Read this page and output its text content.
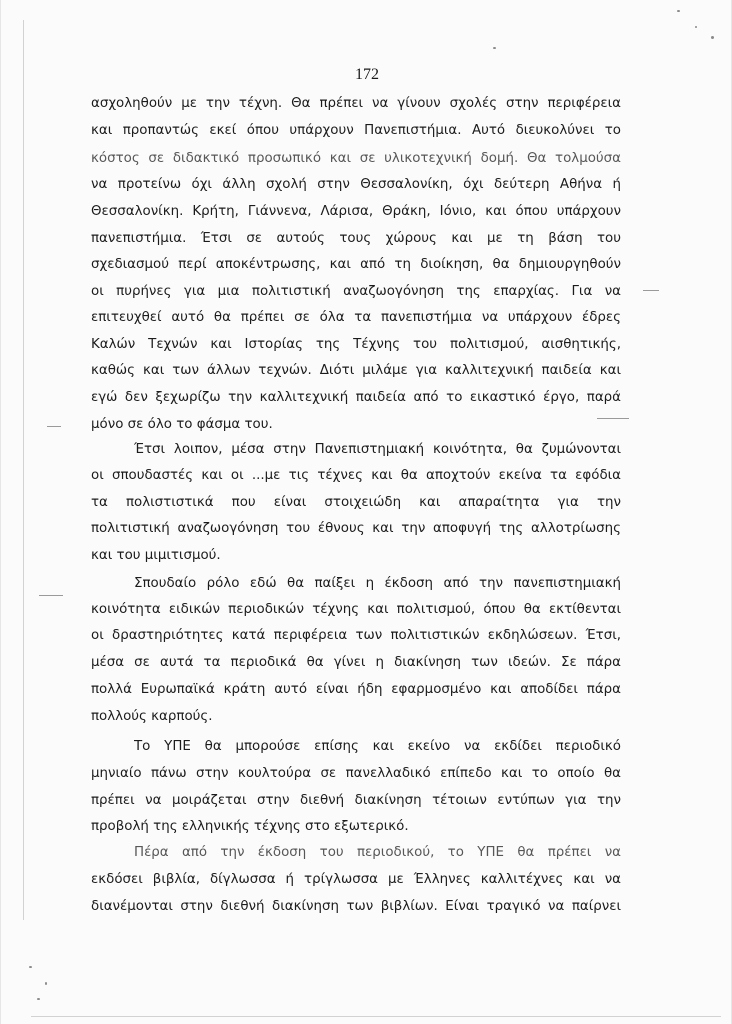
172
ασχοληθούν με την τέχνη. Θα πρέπει να γίνουν σχολές στην περιφέρεια
και προπαντώς εκεί όπου υπάρχουν Πανεπιστήμια. Αυτό διευκολύνει το
κόστος σε διδακτικό προσωπικό και σε υλικοτεχνική δομή. Θα τολμούσα
να προτείνω όχι άλλη σχολή στην Θεσσαλονίκη, όχι δεύτερη Αθήνα ή
Θεσσαλονίκη. Κρήτη, Γιάννενα, Λάρισα, Θράκη, Ιόνιο, και όπου υπάρχουν
πανεπιστήμια. Έτσι σε αυτούς τους χώρους και με τη βάση του
σχεδιασμού περί αποκέντρωσης, και από τη διοίκηση, θα δημιουργηθούν
οι πυρήνες για μια πολιτιστική αναζωογόνηση της επαρχίας. Για να
επιτευχθεί αυτό θα πρέπει σε όλα τα πανεπιστήμια να υπάρχουν έδρες
Καλών Τεχνών και Ιστορίας της Τέχνης του πολιτισμού, αισθητικής,
καθώς και των άλλων τεχνών. Διότι μιλάμε για καλλιτεχνική παιδεία και
εγώ δεν ξεχωρίζω την καλλιτεχνική παιδεία από το εικαστικό έργο, παρά
μόνο σε όλο το φάσμα του.
Έτσι λοιπον, μέσα στην Πανεπιστημιακή κοινότητα, θα ζυμώνονται
οι σπουδαστές και οι ...με τις τέχνες και θα αποχτούν εκείνα τα εφόδια
τα πολιστιστικά που είναι στοιχειώδη και απαραίτητα για την
πολιτιστική αναζωογόνηση του έθνους και την αποφυγή της αλλοτρίωσης
και του μιμιτισμού.
Σπουδαίο ρόλο εδώ θα παίξει η έκδοση από την πανεπιστημιακή
κοινότητα ειδικών περιοδικών τέχνης και πολιτισμού, όπου θα εκτίθενται
οι δραστηριότητες κατά περιφέρεια των πολιτιστικών εκδηλώσεων. Έτσι,
μέσα σε αυτά τα περιοδικά θα γίνει η διακίνηση των ιδεών. Σε πάρα
πολλά Ευρωπαϊκά κράτη αυτό είναι ήδη εφαρμοσμένο και αποδίδει πάρα
πολλούς καρπούς.
Το ΥΠΕ θα μπορούσε επίσης και εκείνο να εκδίδει περιοδικό
μηνιαίο πάνω στην κουλτούρα σε πανελλαδικό επίπεδο και το οποίο θα
πρέπει να μοιράζεται στην διεθνή διακίνηση τέτοιων εντύπων για την
προβολή της ελληνικής τέχνης στο εξωτερικό.
Πέρα από την έκδοση του περιοδικού, το ΥΠΕ θα πρέπει να
εκδόσει βιβλία, δίγλωσσα ή τρίγλωσσα με Έλληνες καλλιτέχνες και να
διανέμονται στην διεθνή διακίνηση των βιβλίων. Είναι τραγικό να παίρνει
